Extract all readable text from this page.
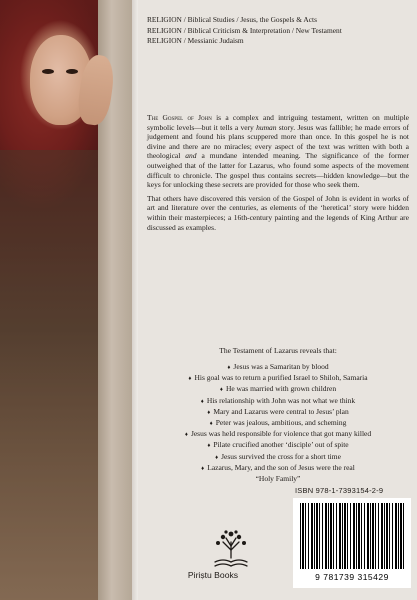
RELIGION / Biblical Studies / Jesus, the Gospels & Acts
RELIGION / Biblical Criticism & Interpretation / New Testament
RELIGION / Messianic Judaism

The Gospel of John is a complex and intriguing testament, written on multiple symbolic levels—but it tells a very human story. Jesus was fallible; he made errors of judgement and found his plans scuppered more than once. In this gospel he is not divine and there are no miracles; every aspect of the text was written with both a theological and a mundane intended meaning. The significance of the former outweighed that of the latter for Lazarus, who found some aspects of the movement difficult to chronicle. The gospel thus contains secrets—hidden knowledge—but the keys for unlocking these secrets are provided for those who seek them.

That others have discovered this version of the Gospel of John is evident in works of art and literature over the centuries, as elements of the ‘heretical’ story were hidden within their masterpieces; a 16th-century painting and the legends of King Arthur are discussed as examples.

The Testament of Lazarus reveals that:
♦ Jesus was a Samaritan by blood
♦ His goal was to return a purified Israel to Shiloh, Samaria
♦ He was married with grown children
♦ His relationship with John was not what we think
♦ Mary and Lazarus were central to Jesus’ plan
♦ Peter was jealous, ambitious, and scheming
♦ Jesus was held responsible for violence that got many killed
♦ Pilate crucified another ‘disciple’ out of spite
♦ Jesus survived the cross for a short time
♦ Lazarus, Mary, and the son of Jesus were the real
“Holy Family”
Piriṣtu Books
ISBN 978-1-7393154-2-9
9 781739 315429
